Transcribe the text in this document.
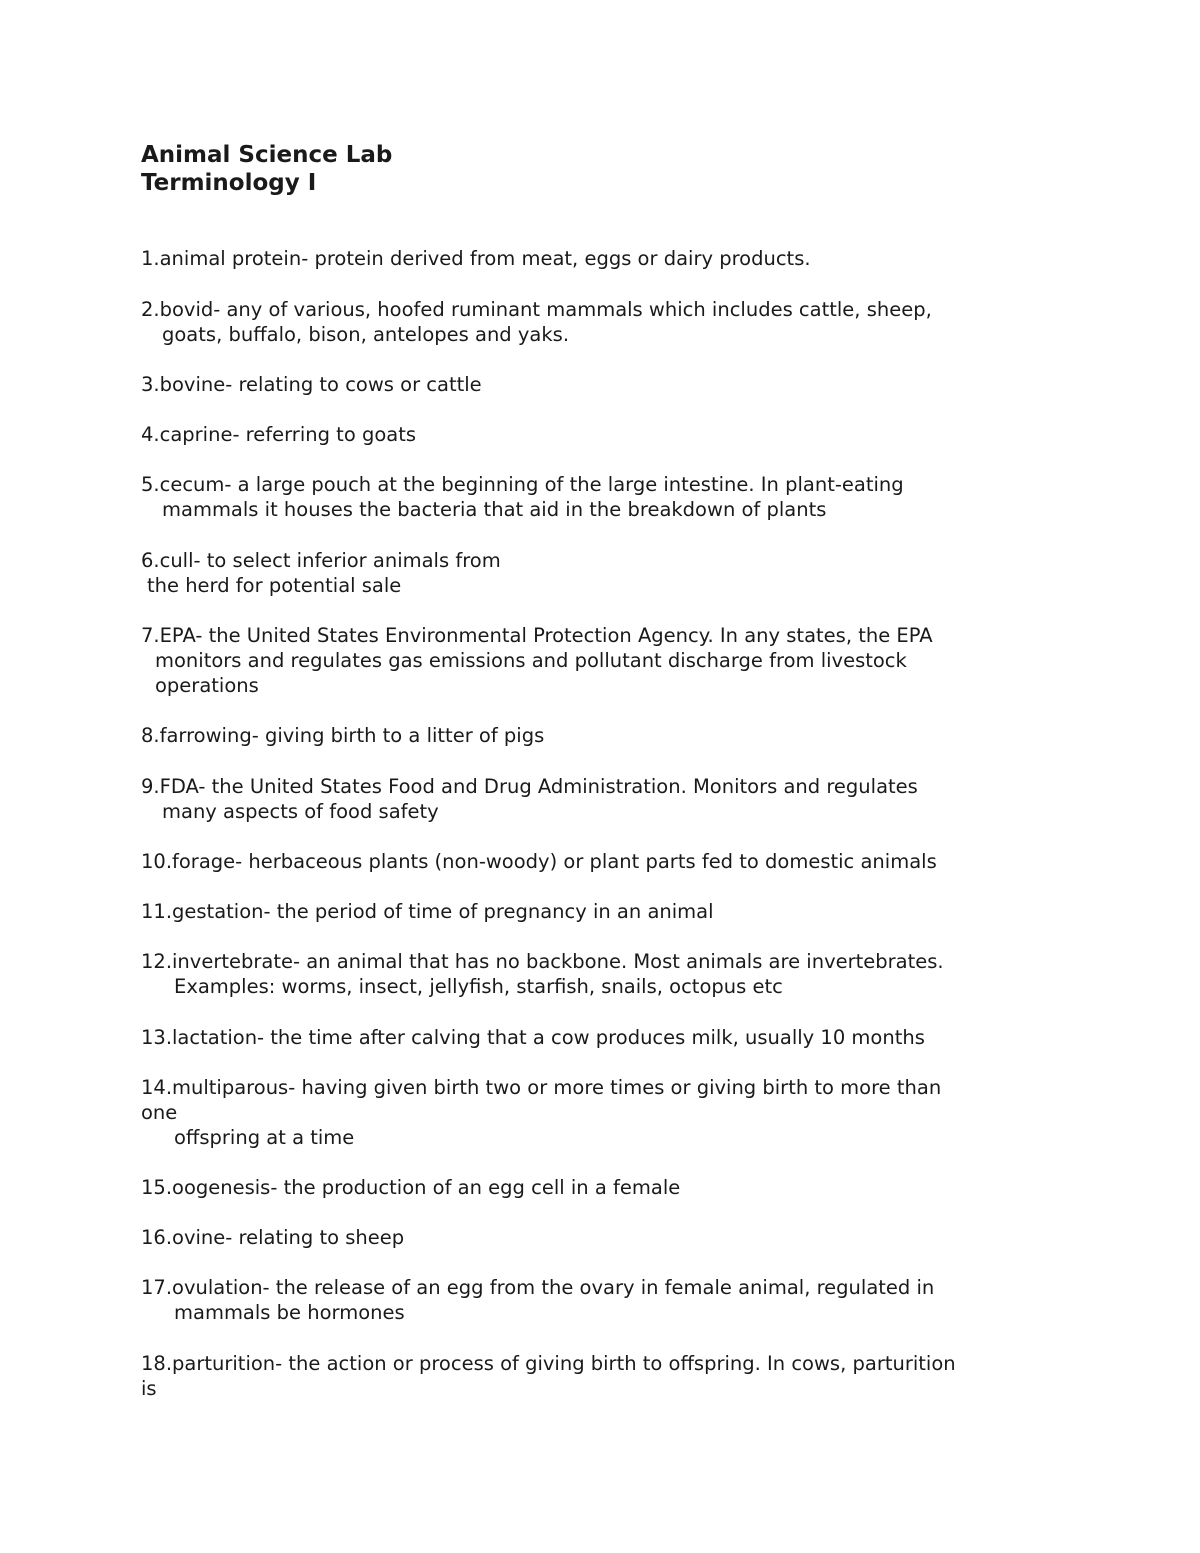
Animal Science Lab
Terminology I

1.animal protein- protein derived from meat, eggs or dairy products.

2.bovid- any of various, hoofed ruminant mammals which includes cattle, sheep,

goats, buffalo, bison, antelopes and yaks.

3.bovine- relating to cows or cattle

4.caprine- referring to goats

5.cecum- a large pouch at the beginning of the large intestine. In plant-eating

mammals it houses the bacteria that aid in the breakdown of plants

6.cull- to select inferior animals from

the herd for potential sale

7.EPA- the United States Environmental Protection Agency. In any states, the EPA

monitors and regulates gas emissions and pollutant discharge from livestock

operations

8.farrowing- giving birth to a litter of pigs

9.FDA- the United States Food and Drug Administration. Monitors and regulates

many aspects of food safety

10.forage- herbaceous plants (non-woody) or plant parts fed to domestic animals

11.gestation- the period of time of pregnancy in an animal

12.invertebrate- an animal that has no backbone. Most animals are invertebrates.

Examples: worms, insect, jellyfish, starfish, snails, octopus etc

13.lactation- the time after calving that a cow produces milk, usually 10 months

14.multiparous- having given birth two or more times or giving birth to more than

one

offspring at a time

15.oogenesis- the production of an egg cell in a female

16.ovine- relating to sheep

17.ovulation- the release of an egg from the ovary in female animal, regulated in

mammals be hormones

18.parturition- the action or process of giving birth to offspring. In cows, parturition

is
